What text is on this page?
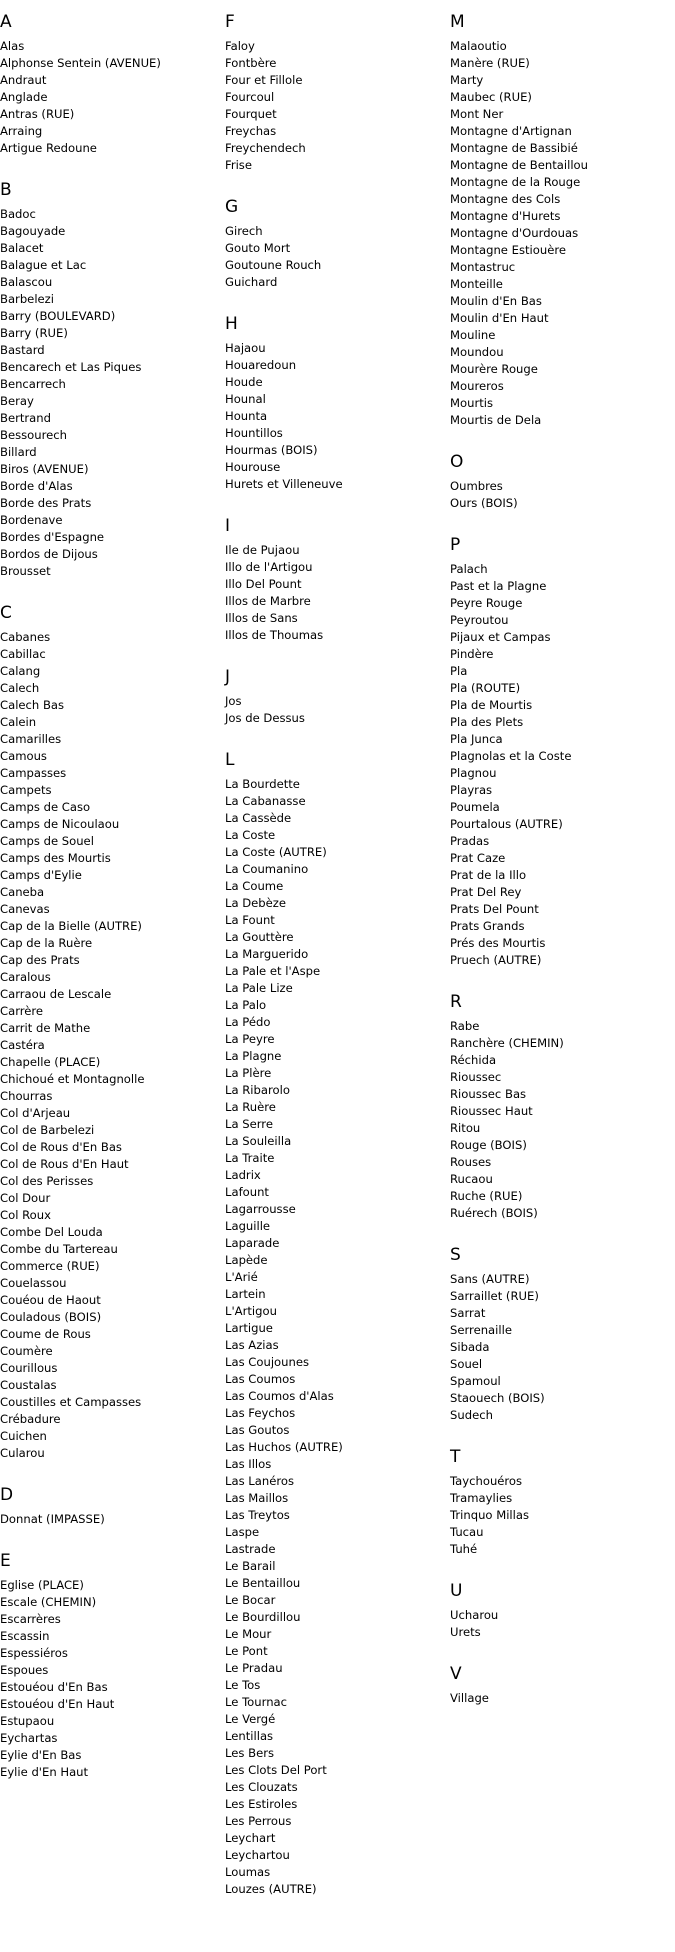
A
Alas
Alphonse Sentein (AVENUE)
Andraut
Anglade
Antras (RUE)
Arraing
Artigue Redoune
B
Badoc
Bagouyade
Balacet
Balague et Lac
Balascou
Barbelezi
Barry (BOULEVARD)
Barry (RUE)
Bastard
Bencarech et Las Piques
Bencarrech
Beray
Bertrand
Bessourech
Billard
Biros (AVENUE)
Borde d'Alas
Borde des Prats
Bordenave
Bordes d'Espagne
Bordos de Dijous
Brousset
C
Cabanes
Cabillac
Calang
Calech
Calech Bas
Calein
Camarilles
Camous
Campasses
Campets
Camps de Caso
Camps de Nicoulaou
Camps de Souel
Camps des Mourtis
Camps d'Eylie
Caneba
Canevas
Cap de la Bielle (AUTRE)
Cap de la Ruère
Cap des Prats
Caralous
Carraou de Lescale
Carrère
Carrit de Mathe
Castéra
Chapelle (PLACE)
Chichoué et Montagnolle
Chourras
Col d'Arjeau
Col de Barbelezi
Col de Rous d'En Bas
Col de Rous d'En Haut
Col des Perisses
Col Dour
Col Roux
Combe Del Louda
Combe du Tartereau
Commerce (RUE)
Couelassou
Couéou de Haout
Couladous (BOIS)
Coume de Rous
Coumère
Courillous
Coustalas
Coustilles et Campasses
Crébadure
Cuichen
Cularou
D
Donnat (IMPASSE)
E
Eglise (PLACE)
Escale (CHEMIN)
Escarrères
Escassin
Espessiéros
Espoues
Estouéou d'En Bas
Estouéou d'En Haut
Estupaou
Eychartas
Eylie d'En Bas
Eylie d'En Haut
F
Faloy
Fontbère
Four et Fillole
Fourcoul
Fourquet
Freychas
Freychendech
Frise
G
Girech
Gouto Mort
Goutoune Rouch
Guichard
H
Hajaou
Houaredoun
Houde
Hounal
Hounta
Hountillos
Hourmas (BOIS)
Hourouse
Hurets et Villeneuve
I
Ile de Pujaou
Illo de l'Artigou
Illo Del Pount
Illos de Marbre
Illos de Sans
Illos de Thoumas
J
Jos
Jos de Dessus
L
La Bourdette
La Cabanasse
La Cassède
La Coste
La Coste (AUTRE)
La Coumanino
La Coume
La Debèze
La Fount
La Gouttère
La Marguerido
La Pale et l'Aspe
La Pale Lize
La Palo
La Pédo
La Peyre
La Plagne
La Plère
La Ribarolo
La Ruère
La Serre
La Souleilla
La Traite
Ladrix
Lafount
Lagarrousse
Laguille
Laparade
Lapède
L'Arié
Lartein
L'Artigou
Lartigue
Las Azias
Las Coujounes
Las Coumos
Las Coumos d'Alas
Las Feychos
Las Goutos
Las Huchos (AUTRE)
Las Illos
Las Lanéros
Las Maillos
Las Treytos
Laspe
Lastrade
Le Barail
Le Bentaillou
Le Bocar
Le Bourdillou
Le Mour
Le Pont
Le Pradau
Le Tos
Le Tournac
Le Vergé
Lentillas
Les Bers
Les Clots Del Port
Les Clouzats
Les Estiroles
Les Perrous
Leychart
Leychartou
Loumas
Louzes (AUTRE)
M
Malaoutio
Manère (RUE)
Marty
Maubec (RUE)
Mont Ner
Montagne d'Artignan
Montagne de Bassibié
Montagne de Bentaillou
Montagne de la Rouge
Montagne des Cols
Montagne d'Hurets
Montagne d'Ourdouas
Montagne Estiouère
Montastruc
Monteille
Moulin d'En Bas
Moulin d'En Haut
Mouline
Moundou
Mourère Rouge
Moureros
Mourtis
Mourtis de Dela
O
Oumbres
Ours (BOIS)
P
Palach
Past et la Plagne
Peyre Rouge
Peyroutou
Pijaux et Campas
Pindère
Pla
Pla (ROUTE)
Pla de Mourtis
Pla des Plets
Pla Junca
Plagnolas et la Coste
Plagnou
Playras
Poumela
Pourtalous (AUTRE)
Pradas
Prat Caze
Prat de la Illo
Prat Del Rey
Prats Del Pount
Prats Grands
Prés des Mourtis
Pruech (AUTRE)
R
Rabe
Ranchère (CHEMIN)
Réchida
Rioussec
Rioussec Bas
Rioussec Haut
Ritou
Rouge (BOIS)
Rouses
Rucaou
Ruche (RUE)
Ruérech (BOIS)
S
Sans (AUTRE)
Sarraillet (RUE)
Sarrat
Serrenaille
Sibada
Souel
Spamoul
Staouech (BOIS)
Sudech
T
Taychouéros
Tramaylies
Trinquo Millas
Tucau
Tuhé
U
Ucharou
Urets
V
Village
